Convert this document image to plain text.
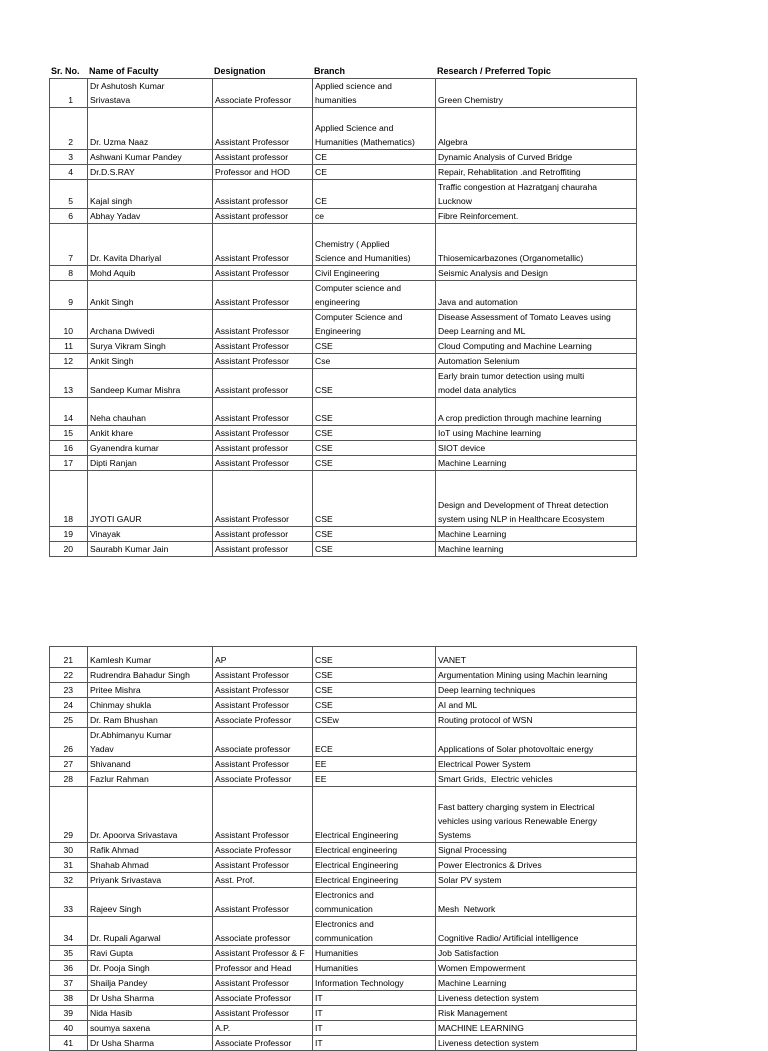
Sr. No. Name of Faculty	Designation	Branch	Research / Preferred Topic
1	Dr Ashutosh Kumar
Srivastava	Associate Professor	Applied science and
humanities	Green Chemistry
2	Dr. Uzma Naaz	Assistant Professor	Applied Science and
Humanities (Mathematics)	Algebra
3	Ashwani Kumar Pandey	Assistant professor	CE	Dynamic Analysis of Curved Bridge
4	Dr.D.S.RAY	Professor and HOD	CE	Repair, Rehablitation .and Retroffiting
5	Kajal singh	Assistant professor	CE	Traffic congestion at Hazratganj chauraha
Lucknow
6	Abhay Yadav	Assistant professor	ce	Fibre Reinforcement.
7	Dr. Kavita Dhariyal	Assistant Professor	Chemistry ( Applied
Science and Humanities)	Thiosemicarbazones (Organometallic)
8	Mohd Aquib	Assistant Professor	Civil Engineering	Seismic Analysis and Design
9	Ankit Singh	Assistant Professor	Computer science and
engineering	Java and automation
10	Archana Dwivedi	Assistant Professor	Computer Science and
Engineering	Disease Assessment of Tomato Leaves using
Deep Learning and ML
11	Surya Vikram Singh	Assistant Professor	CSE	Cloud Computing and Machine Learning
12	Ankit Singh	Assistant Professor	Cse	Automation Selenium
13	Sandeep Kumar Mishra	Assistant professor	CSE	Early brain tumor detection using multi
model data analytics
14	Neha chauhan	Assistant Professor	CSE	A crop prediction through machine learning
15	Ankit khare	Assistant Professor	CSE	IoT using Machine learning
16	Gyanendra kumar	Assistant professor	CSE	SIOT device
17	Dipti Ranjan	Assistant Professor	CSE	Machine Learning
18	JYOTI GAUR	Assistant Professor	CSE	Design and Development of Threat detection
system using NLP in Healthcare Ecosystem
19	Vinayak	Assistant professor	CSE	Machine Learning
20	Saurabh Kumar Jain	Assistant professor	CSE	Machine learning
21	Kamlesh Kumar	AP	CSE	VANET
22	Rudrendra Bahadur Singh	Assistant Professor	CSE	Argumentation Mining using Machin learning
23	Pritee Mishra	Assistant Professor	CSE	Deep learning techniques
24	Chinmay shukla	Assistant Professor	CSE	AI and ML
25	Dr. Ram Bhushan	Associate Professor	CSEw	Routing protocol of WSN
26	Dr.Abhimanyu Kumar
Yadav	Associate professor	ECE	Applications of Solar photovoltaic energy
27	Shivanand	Assistant Professor	EE	Electrical Power System
28	Fazlur Rahman	Associate Professor	EE	Smart Grids,  Electric vehicles
29	Dr. Apoorva Srivastava	Assistant Professor	Electrical Engineering	Fast battery charging system in Electrical
vehicles using various Renewable Energy
Systems
30	Rafik Ahmad	Associate Professor	Electrical engineering	Signal Processing
31	Shahab Ahmad	Assistant Professor	Electrical Engineering	Power Electronics & Drives
32	Priyank Srivastava	Asst. Prof.	Electrical Engineering	Solar PV system
33	Rajeev Singh	Assistant Professor	Electronics and
communication	Mesh  Network
34	Dr. Rupali Agarwal	Associate professor	Electronics and
communication	Cognitive Radio/ Artificial intelligence
35	Ravi Gupta	Assistant Professor & F	Humanities	Job Satisfaction
36	Dr. Pooja Singh	Professor and Head	Humanities	Women Empowerment
37	Shailja Pandey	Assistant Professor	Information Technology	Machine Learning
38	Dr Usha Sharma	Associate Professor	IT	Liveness detection system
39	Nida Hasib	Assistant Professor	IT	Risk Management
40	soumya saxena	A.P.	IT	MACHINE LEARNING
41	Dr Usha Sharma	Associate Professor	IT	Liveness detection system
